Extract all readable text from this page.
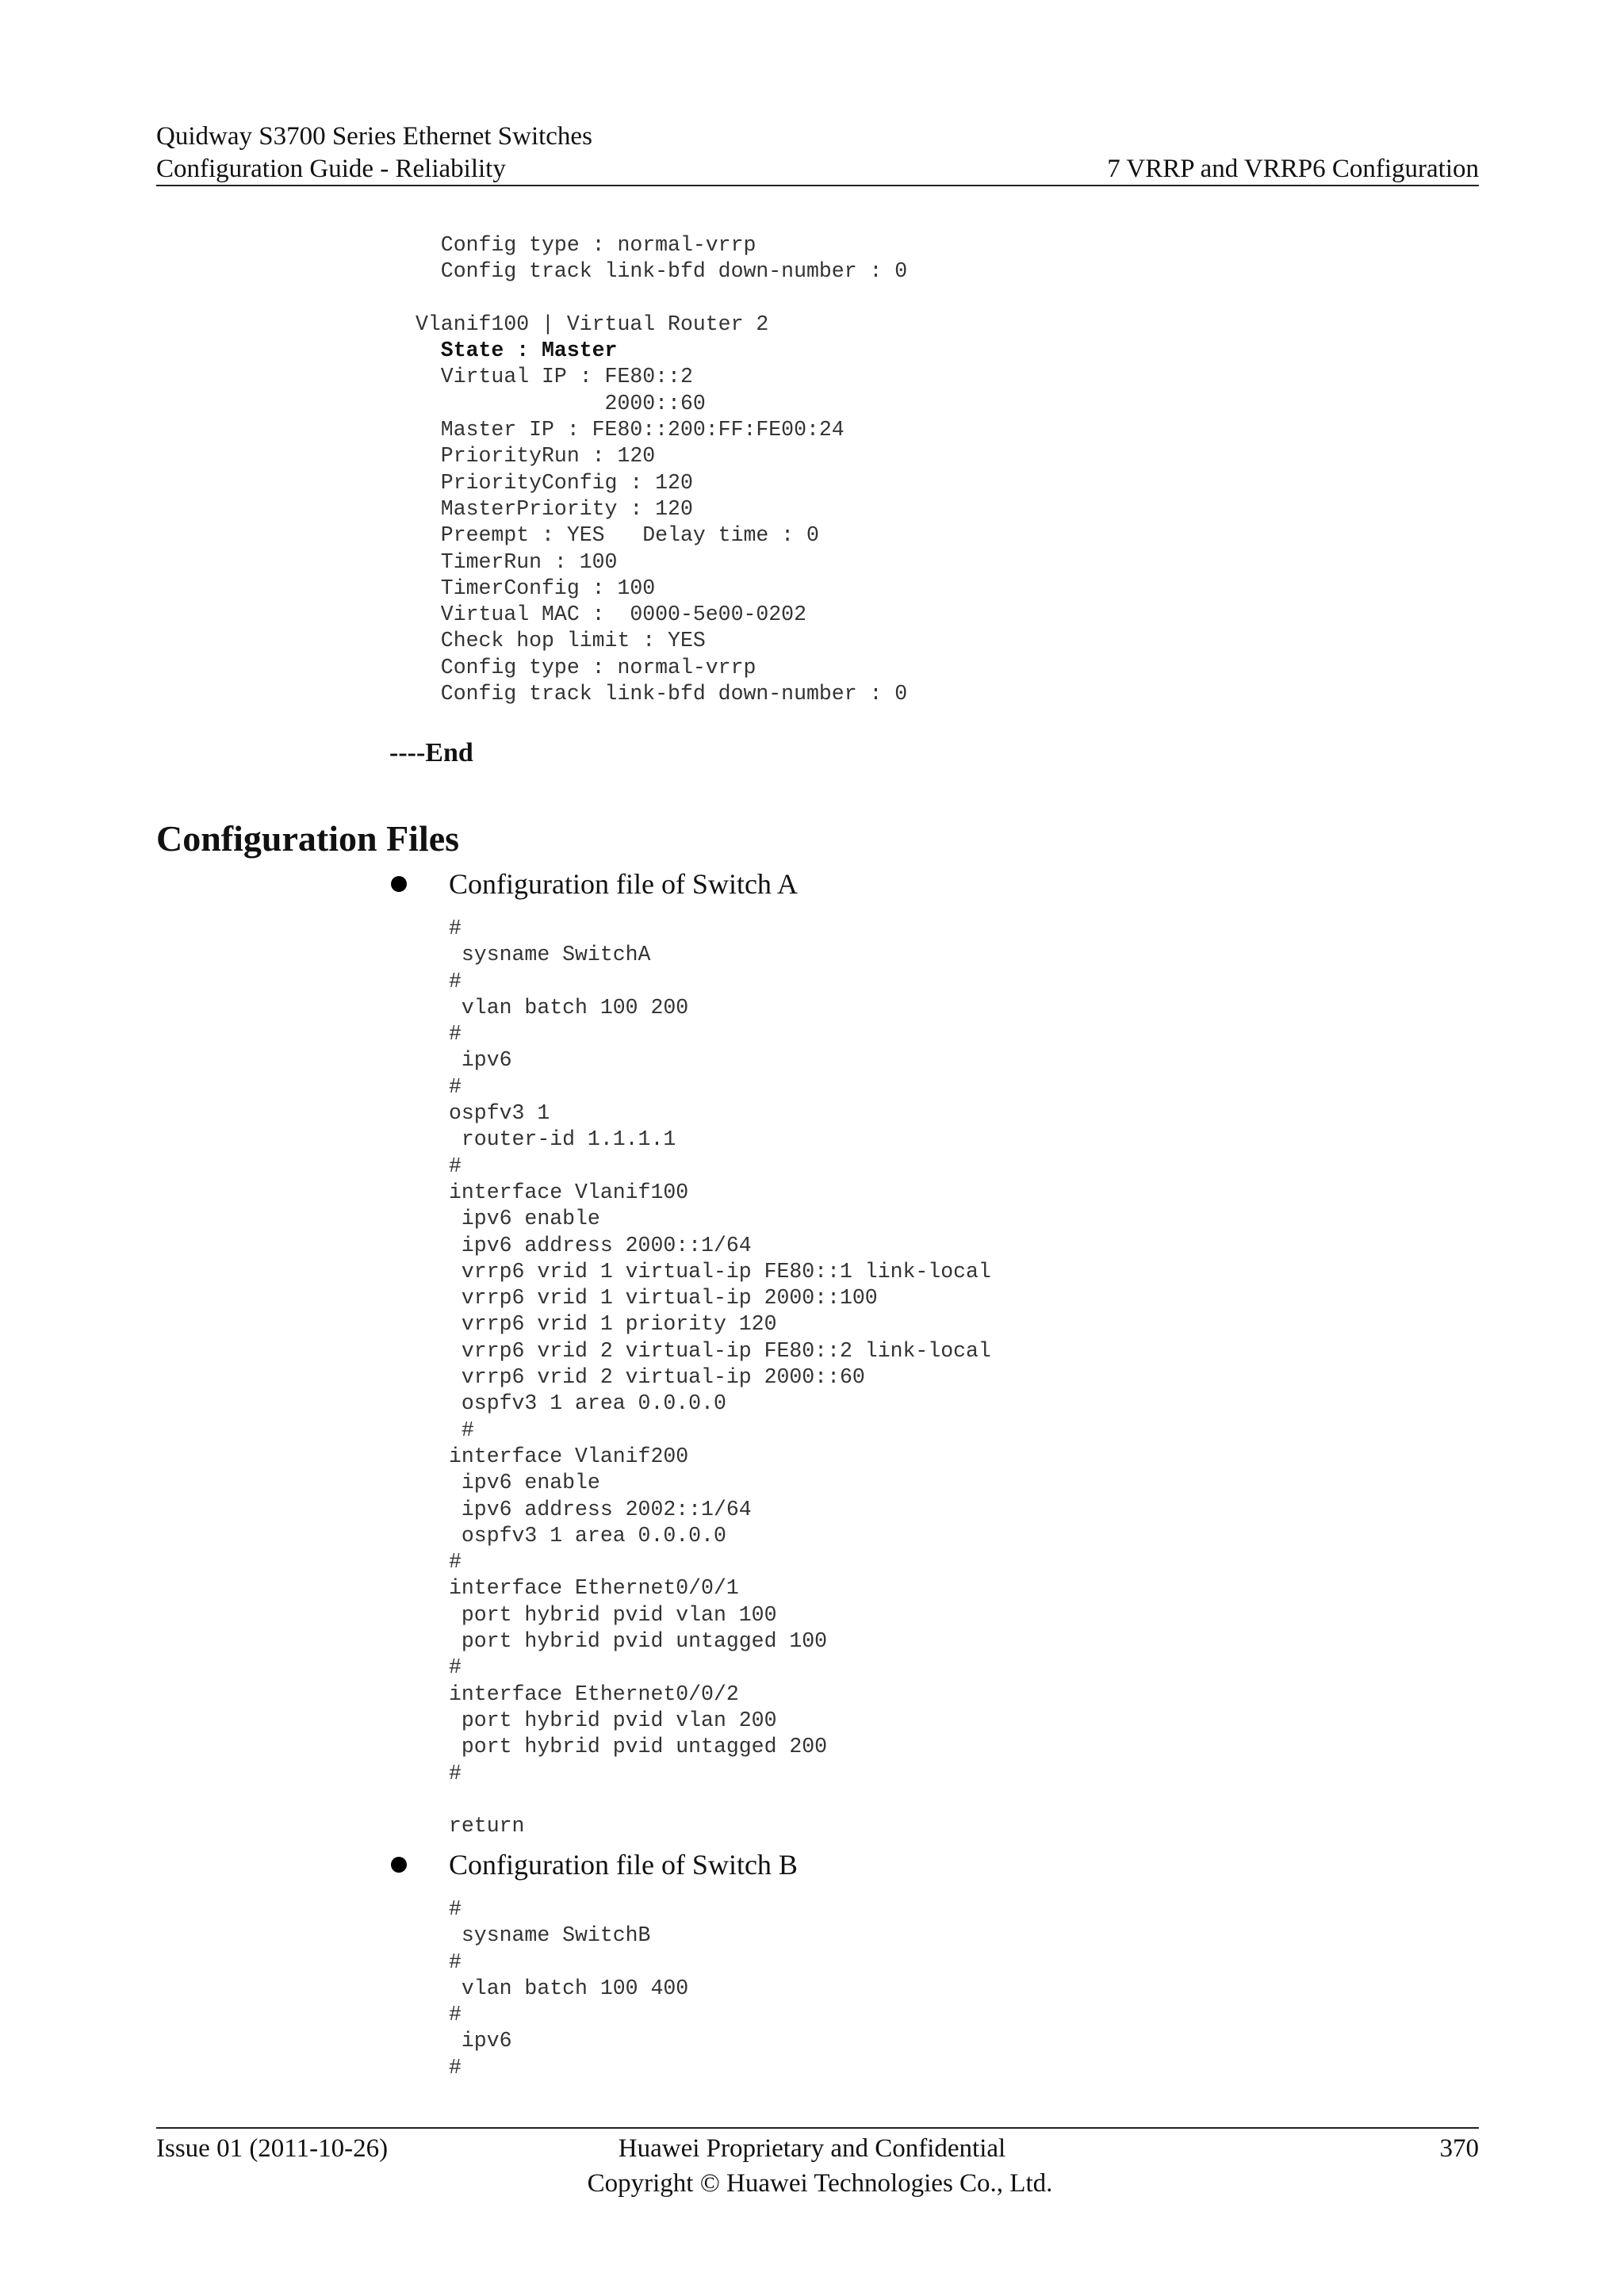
Quidway S3700 Series Ethernet Switches
Configuration Guide - Reliability	7 VRRP and VRRP6 Configuration
Config type : normal-vrrp
Config track link-bfd down-number : 0

Vlanif100 | Virtual Router 2
State : Master
Virtual IP : FE80::2
2000::60
Master IP : FE80::200:FF:FE00:24
PriorityRun : 120
PriorityConfig : 120
MasterPriority : 120
Preempt : YES   Delay time : 0
TimerRun : 100
TimerConfig : 100
Virtual MAC :  0000-5e00-0202
Check hop limit : YES
Config type : normal-vrrp
Config track link-bfd down-number : 0
----End
Configuration Files
Configuration file of Switch A
#
sysname SwitchA
#
vlan batch 100 200
#
ipv6
#
ospfv3 1
router-id 1.1.1.1
#
interface Vlanif100
ipv6 enable
ipv6 address 2000::1/64
vrrp6 vrid 1 virtual-ip FE80::1 link-local
vrrp6 vrid 1 virtual-ip 2000::100
vrrp6 vrid 1 priority 120
vrrp6 vrid 2 virtual-ip FE80::2 link-local
vrrp6 vrid 2 virtual-ip 2000::60
ospfv3 1 area 0.0.0.0
#
interface Vlanif200
ipv6 enable
ipv6 address 2002::1/64
ospfv3 1 area 0.0.0.0
#
interface Ethernet0/0/1
port hybrid pvid vlan 100
port hybrid pvid untagged 100
#
interface Ethernet0/0/2
port hybrid pvid vlan 200
port hybrid pvid untagged 200
#

return
Configuration file of Switch B
#
sysname SwitchB
#
vlan batch 100 400
#
ipv6
#
Issue 01 (2011-10-26)	Huawei Proprietary and Confidential
Copyright © Huawei Technologies Co., Ltd.
370
